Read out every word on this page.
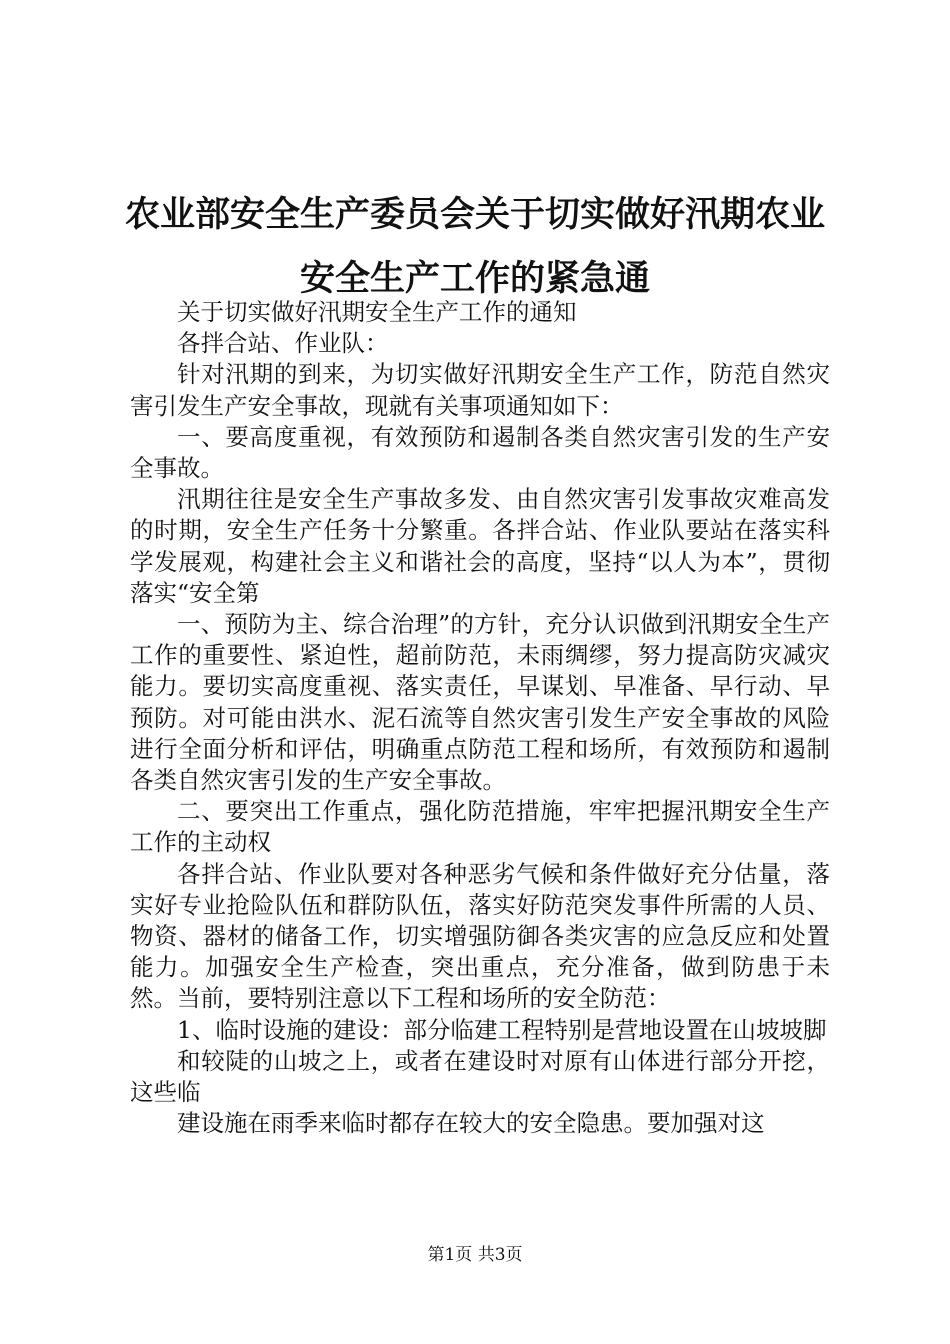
农业部安全生产委员会关于切实做好汛期农业
安全生产工作的紧急通

关于切实做好汛期安全生产工作的通知

各拌合站、作业队：

针对汛期的到来，为切实做好汛期安全生产工作，防范自然灾害引发生产安全事故，现就有关事项通知如下：

一、要高度重视，有效预防和遏制各类自然灾害引发的生产安全事故。

汛期往往是安全生产事故多发、由自然灾害引发事故灾难高发的时期，安全生产任务十分繁重。各拌合站、作业队要站在落实科学发展观，构建社会主义和谐社会的高度，坚持“以人为本”，贯彻落实“安全第

一、预防为主、综合治理”的方针，充分认识做到汛期安全生产工作的重要性、紧迫性，超前防范，未雨绸缪，努力提高防灾减灾能力。要切实高度重视、落实责任，早谋划、早准备、早行动、早预防。对可能由洪水、泥石流等自然灾害引发生产安全事故的风险进行全面分析和评估，明确重点防范工程和场所，有效预防和遏制各类自然灾害引发的生产安全事故。

二、要突出工作重点，强化防范措施，牢牢把握汛期安全生产工作的主动权

各拌合站、作业队要对各种恶劣气候和条件做好充分估量，落实好专业抢险队伍和群防队伍，落实好防范突发事件所需的人员、物资、器材的储备工作，切实增强防御各类灾害的应急反应和处置能力。加强安全生产检查，突出重点，充分准备，做到防患于未然。当前，要特别注意以下工程和场所的安全防范：

1、临时设施的建设：部分临建工程特别是营地设置在山坡坡脚

和较陡的山坡之上，或者在建设时对原有山体进行部分开挖，这些临

建设施在雨季来临时都存在较大的安全隐患。要加强对这

第1页 共3页
